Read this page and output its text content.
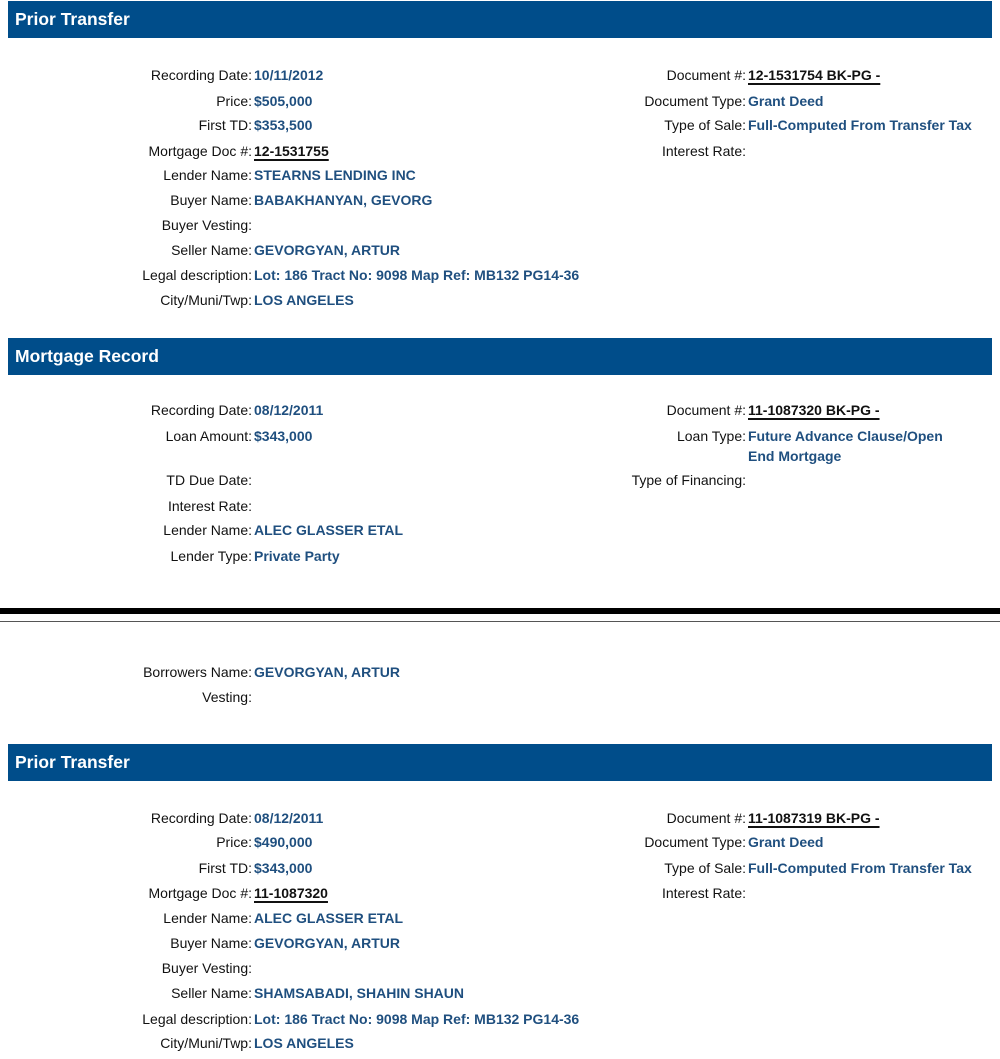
Prior Transfer
Recording Date: 10/11/2012
Price: $505,000
First TD: $353,500
Mortgage Doc #: 12-1531755
Lender Name: STEARNS LENDING INC
Buyer Name: BABAKHANYAN, GEVORG
Buyer Vesting:
Seller Name: GEVORGYAN, ARTUR
Legal description: Lot: 186 Tract No: 9098 Map Ref: MB132 PG14-36
City/Muni/Twp: LOS ANGELES
Document #: 12-1531754 BK-PG -
Document Type: Grant Deed
Type of Sale: Full-Computed From Transfer Tax
Interest Rate:
Mortgage Record
Recording Date: 08/12/2011
Loan Amount: $343,000
TD Due Date:
Interest Rate:
Lender Name: ALEC GLASSER ETAL
Lender Type: Private Party
Document #: 11-1087320 BK-PG -
Loan Type: Future Advance Clause/Open
End Mortgage
Type of Financing:
Borrowers Name: GEVORGYAN, ARTUR
Vesting:
Prior Transfer
Recording Date: 08/12/2011
Price: $490,000
First TD: $343,000
Mortgage Doc #: 11-1087320
Lender Name: ALEC GLASSER ETAL
Buyer Name: GEVORGYAN, ARTUR
Buyer Vesting:
Seller Name: SHAMSABADI, SHAHIN SHAUN
Legal description: Lot: 186 Tract No: 9098 Map Ref: MB132 PG14-36
City/Muni/Twp: LOS ANGELES
Document #: 11-1087319 BK-PG -
Document Type: Grant Deed
Type of Sale: Full-Computed From Transfer Tax
Interest Rate:
